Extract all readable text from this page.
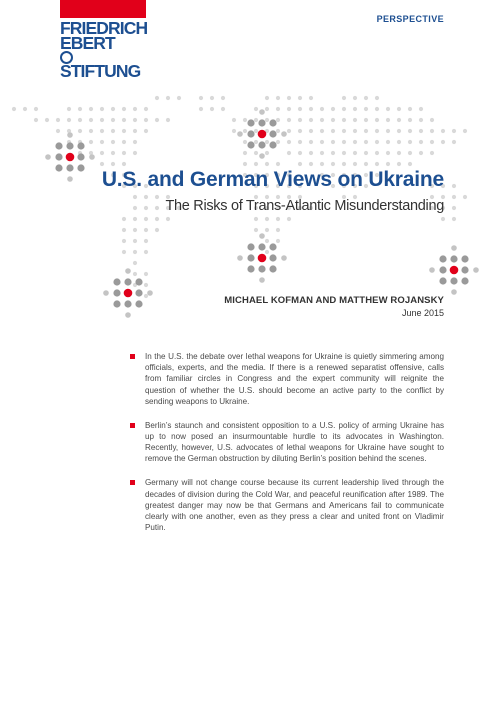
FRIEDRICH
EBERT
STIFTUNG
PERSPECTIVE
U.S. and German Views on Ukraine
The Risks of Trans-Atlantic Misunderstanding
MICHAEL KOFMAN AND MATTHEW ROJANSKY
June 2015
In the U.S. the debate over lethal weapons for Ukraine is quietly simmering among officials, experts, and the media. If there is a renewed separatist offensive, calls from familiar circles in Congress and the expert community will reignite the question of whether the U.S. should become an active party to the conflict by sending weapons to Ukraine.
Berlin’s staunch and consistent opposition to a U.S. policy of arming Ukraine has up to now posed an insurmountable hurdle to its advocates in Washington. Recently, however, U.S. advocates of lethal weapons for Ukraine have sought to remove the German obstruction by diluting Berlin’s position behind the scenes.
Germany will not change course because its current leadership lived through the decades of division during the Cold War, and peaceful reunification after 1989. The greatest danger may now be that Germans and Americans fail to communicate clearly with one another, even as they press a clear and united front on Vladimir Putin.
